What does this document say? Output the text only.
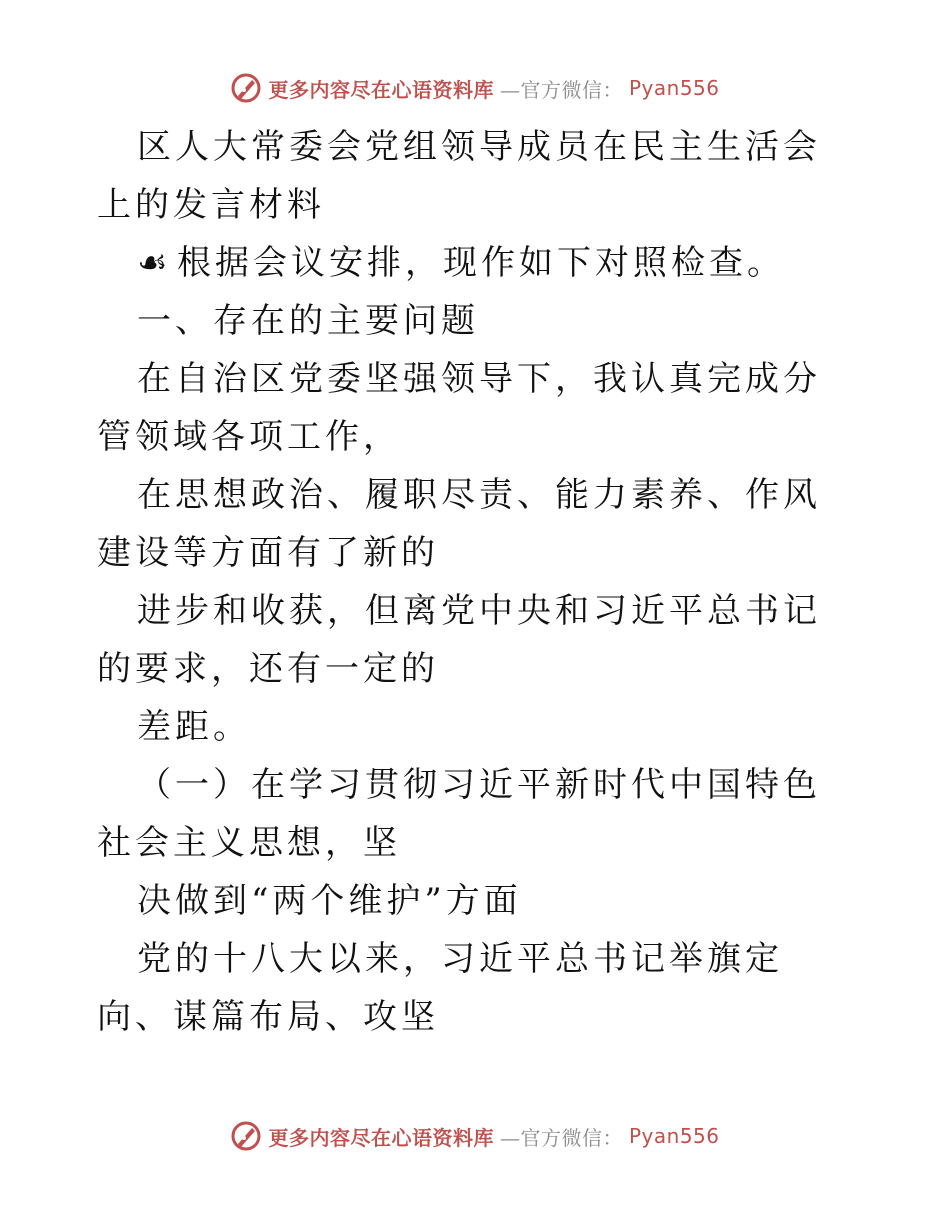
更多内容尽在心语资料库 —官方微信： Pyan556

区人大常委会党组领导成员在民主生活会上的发言材料

☙ 根据会议安排，现作如下对照检查。

一、存在的主要问题

在自治区党委坚强领导下，我认真完成分管领域各项工作，

在思想政治、履职尽责、能力素养、作风建设等方面有了新的

进步和收获，但离党中央和习近平总书记的要求，还有一定的

差距。

（一）在学习贯彻习近平新时代中国特色社会主义思想，坚

决做到“两个维护”方面

党的十八大以来，习近平总书记举旗定向、谋篇布局、攻坚

更多内容尽在心语资料库 —官方微信： Pyan556
